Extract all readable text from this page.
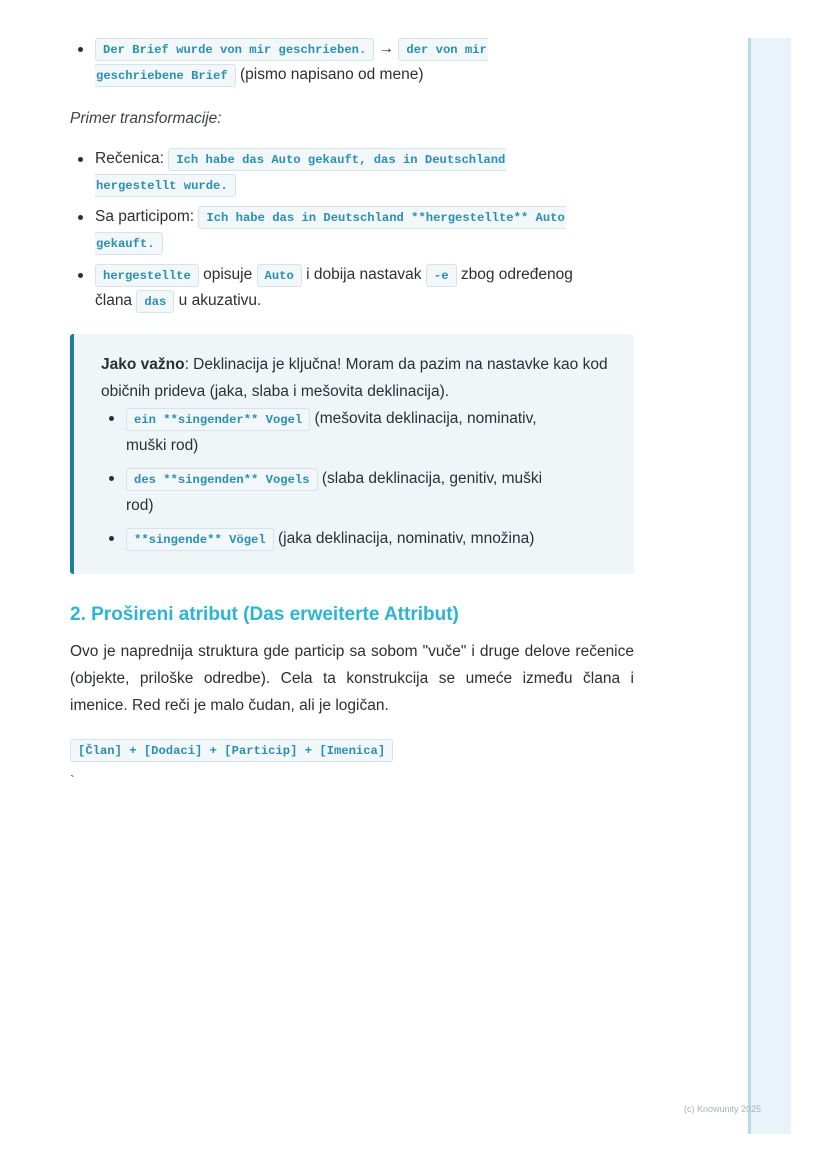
Der Brief wurde von mir geschrieben. → der von mir
geschriebene Brief (pismo napisano od mene)

Primer transformacije:

Rečenica: Ich habe das Auto gekauft, das in Deutschland
hergestellt wurde.
Sa participom: Ich habe das in Deutschland **hergestellte** Auto
gekauft.
hergestellte opisuje Auto i dobija nastavak -e zbog određenog
člana das u akuzativu.

Jako važno: Deklinacija je ključna! Moram da pazim na nastavke kao kod običnih prideva (jaka, slaba i mešovita deklinacija).

ein **singender** Vogel (mešovita deklinacija, nominativ,
muški rod)
des **singenden** Vogels (slaba deklinacija, genitiv, muški
rod)
**singende** Vögel (jaka deklinacija, nominativ, množina)
2. Prošireni atribut (Das erweiterte Attribut)

Ovo je naprednija struktura gde particip sa sobom "vuče" i druge delove rečenice (objekte, priloške odredbe). Cela ta konstrukcija se umeće između člana i imenice. Red reči je malo čudan, ali je logičan.

[Član] + [Dodaci] + [Particip] + [Imenica]

`

(c) Knowunity 2025
